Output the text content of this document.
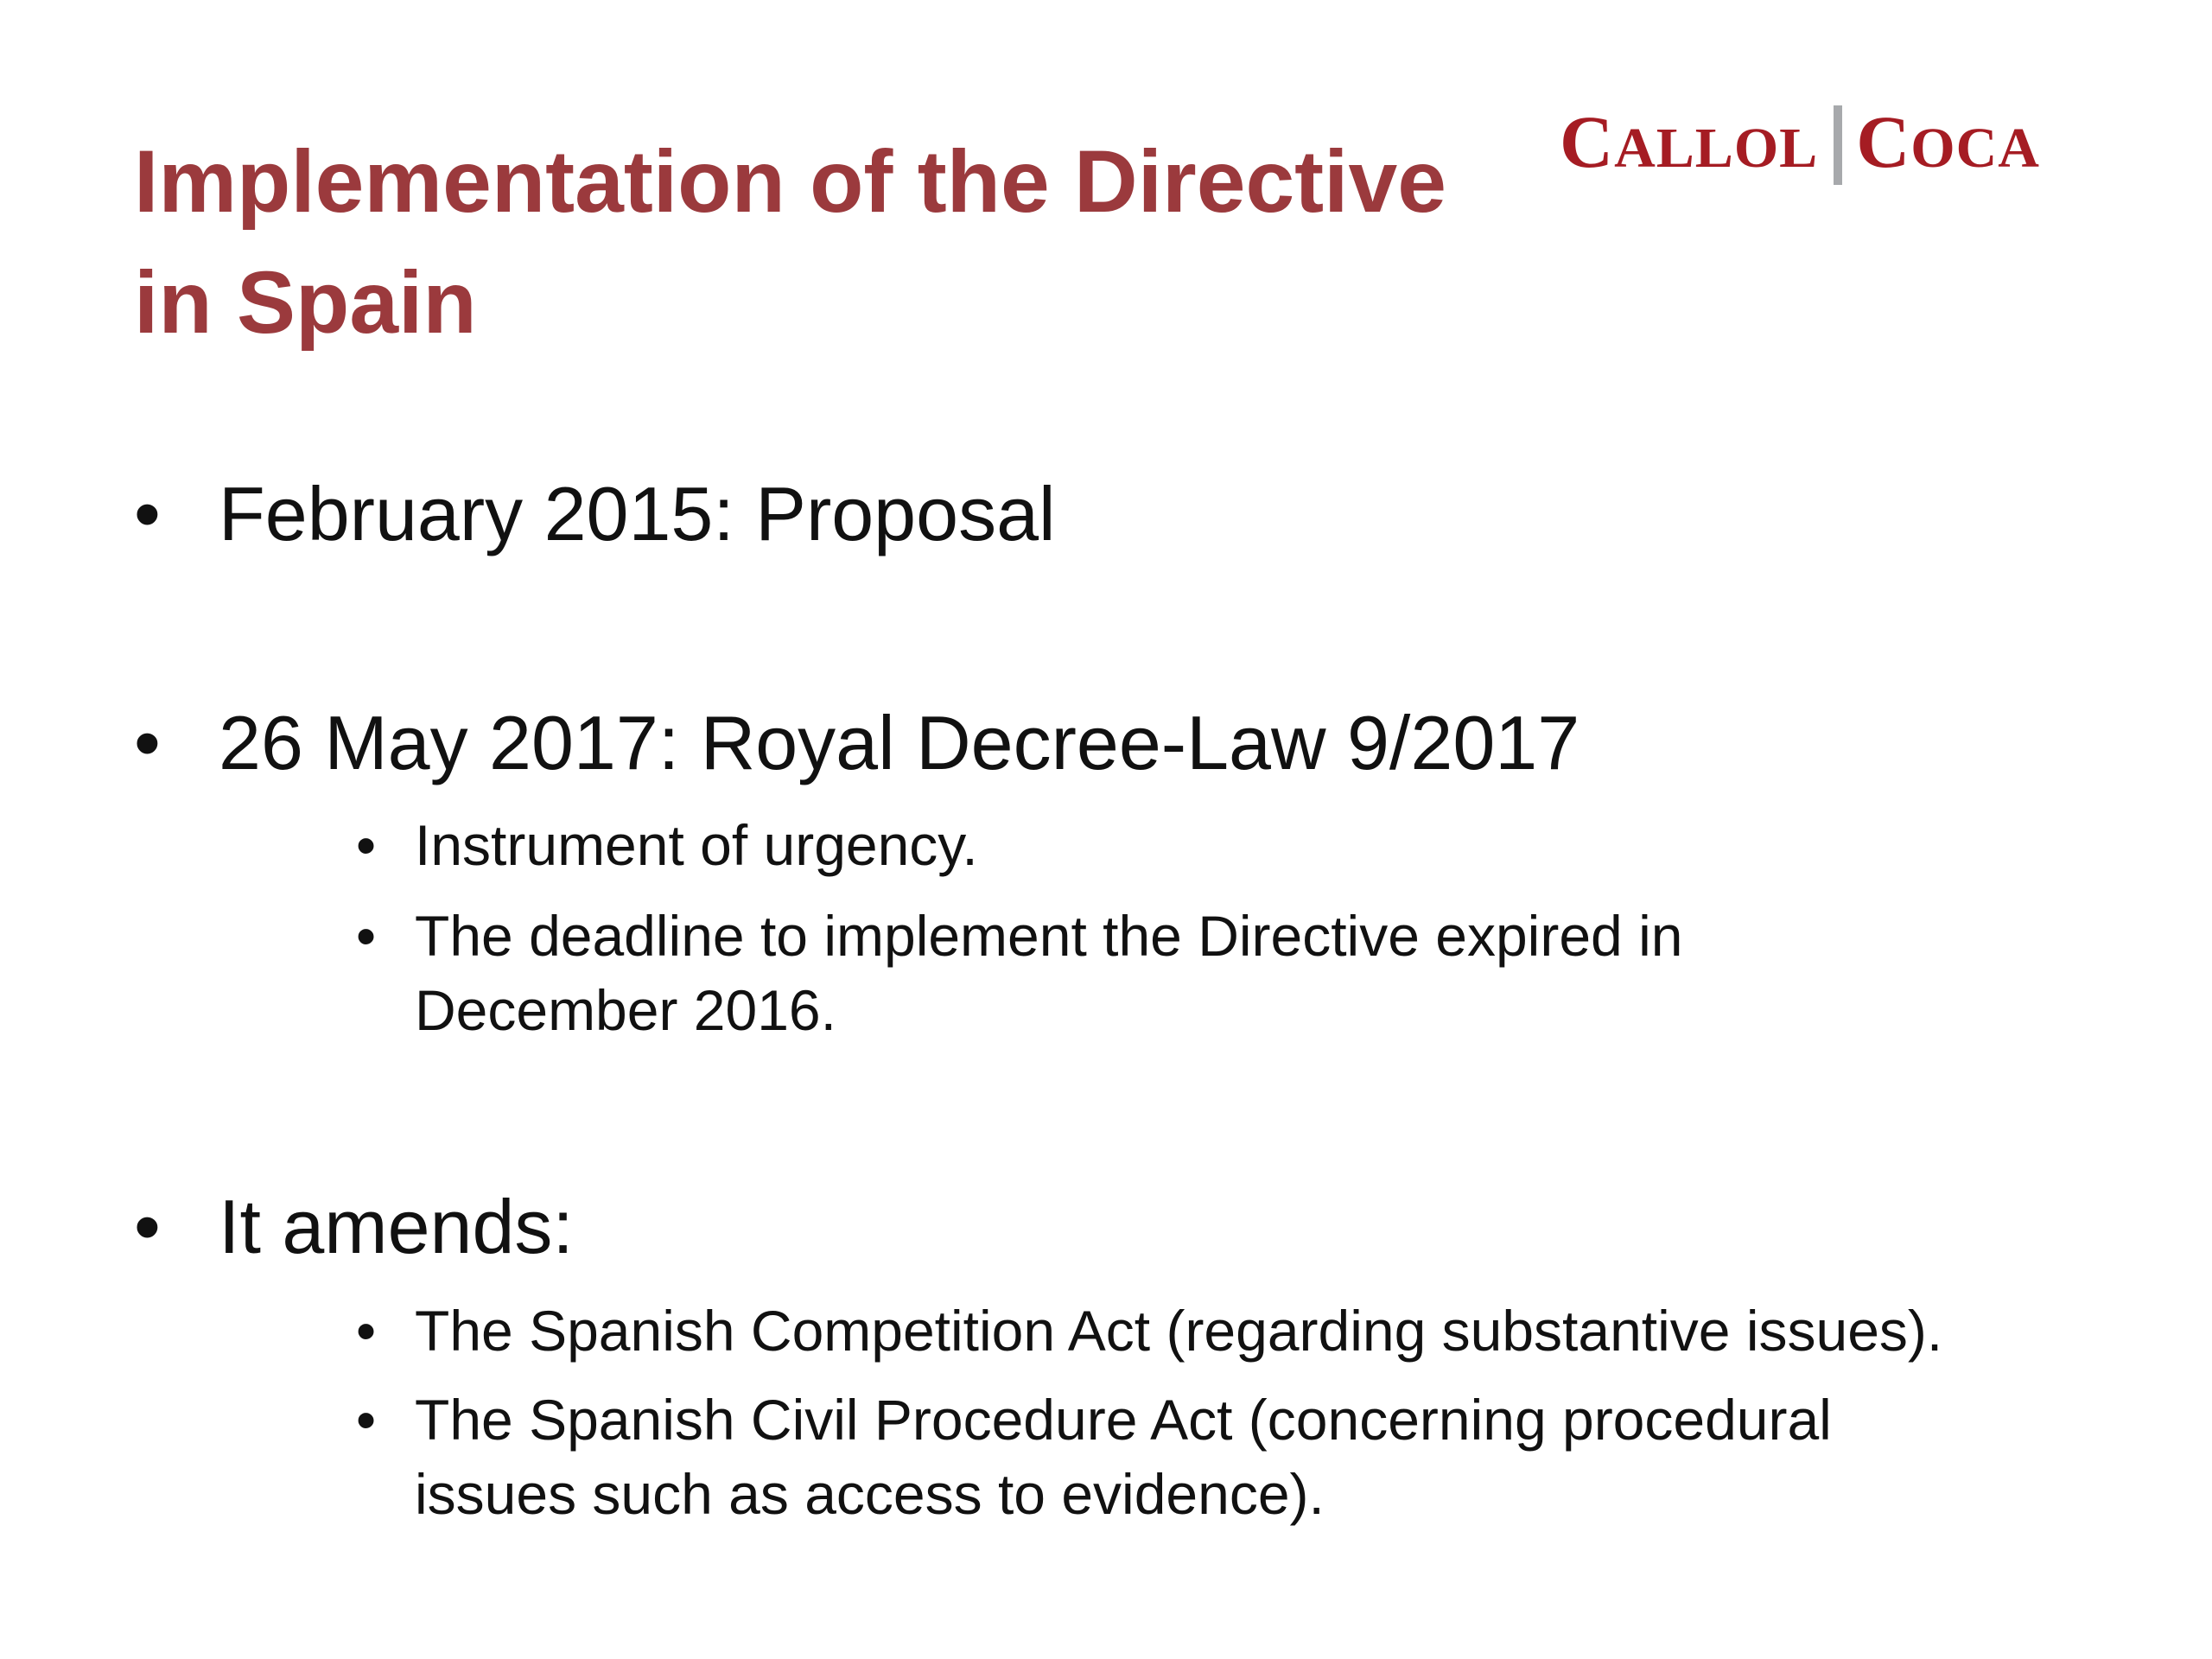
Implementation of the Directive
in Spain
CALLOL COCA
• February 2015: Proposal
• 26 May 2017: Royal Decree-Law 9/2017
• Instrument of urgency.
• The deadline to implement the Directive expired in December 2016.
• It amends:
• The Spanish Competition Act (regarding substantive issues).
• The Spanish Civil Procedure Act (concerning procedural issues such as access to evidence).
